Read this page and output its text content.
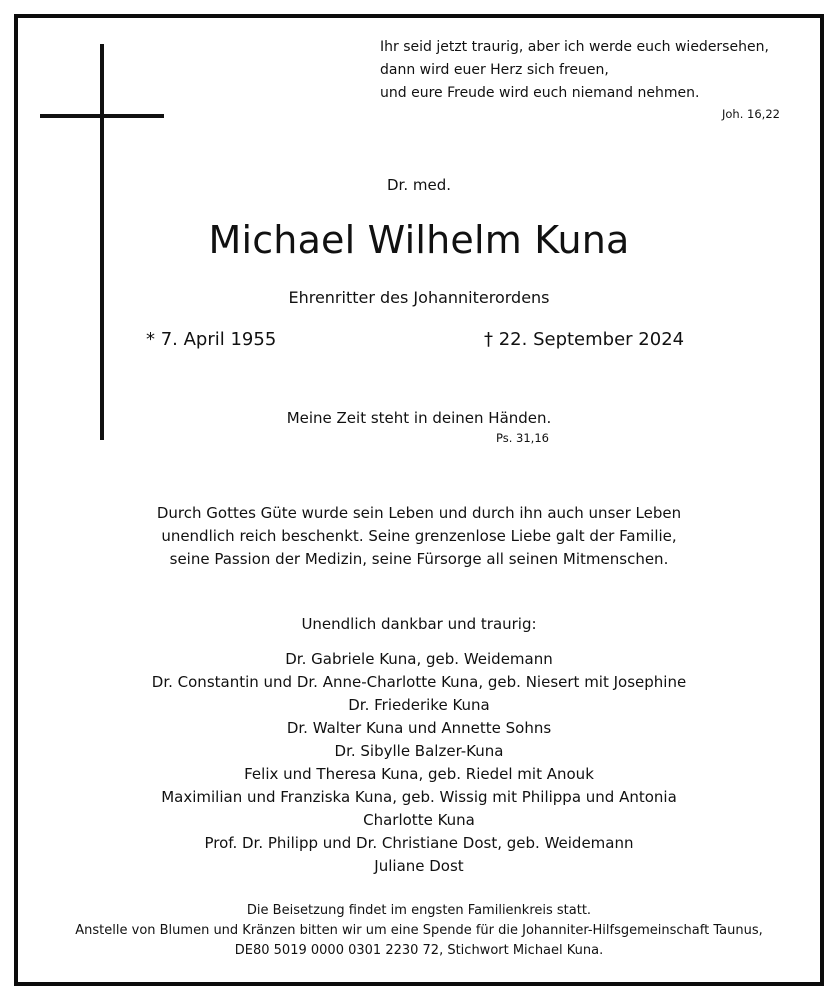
Ihr seid jetzt traurig, aber ich werde euch wiedersehen,
dann wird euer Herz sich freuen,
und eure Freude wird euch niemand nehmen.
Joh. 16,22
Dr. med.
Michael Wilhelm Kuna
Ehrenritter des Johanniterordens
* 7. April 1955	† 22. September 2024
Meine Zeit steht in deinen Händen.
Ps. 31,16
Durch Gottes Güte wurde sein Leben und durch ihn auch unser Leben
unendlich reich beschenkt. Seine grenzenlose Liebe galt der Familie,
seine Passion der Medizin, seine Fürsorge all seinen Mitmenschen.
Unendlich dankbar und traurig:
Dr. Gabriele Kuna, geb. Weidemann
Dr. Constantin und Dr. Anne-Charlotte Kuna, geb. Niesert mit Josephine
Dr. Friederike Kuna
Dr. Walter Kuna und Annette Sohns
Dr. Sibylle Balzer-Kuna
Felix und Theresa Kuna, geb. Riedel mit Anouk
Maximilian und Franziska Kuna, geb. Wissig mit Philippa und Antonia
Charlotte Kuna
Prof. Dr. Philipp und Dr. Christiane Dost, geb. Weidemann
Juliane Dost
Die Beisetzung findet im engsten Familienkreis statt.
Anstelle von Blumen und Kränzen bitten wir um eine Spende für die Johanniter-Hilfsgemeinschaft Taunus,
DE80 5019 0000 0301 2230 72, Stichwort Michael Kuna.
